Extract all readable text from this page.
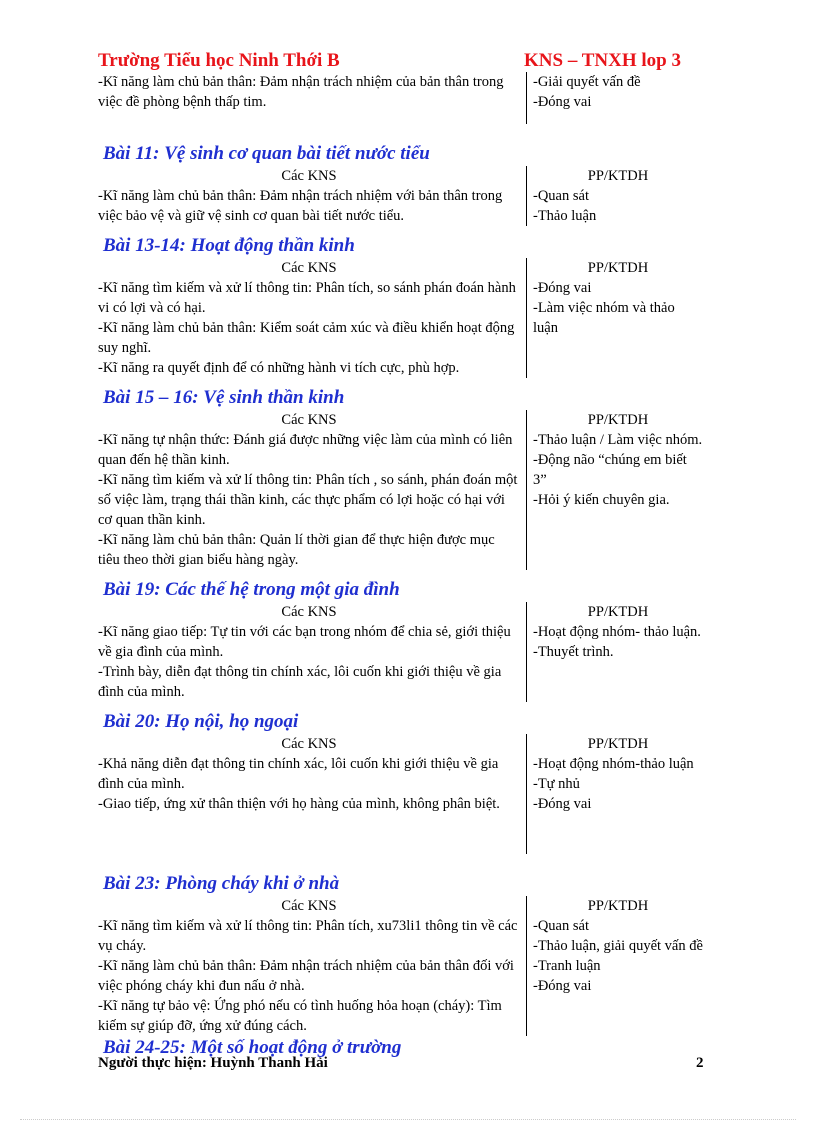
Trường Tiểu học Ninh Thới B	KNS – TNXH lop 3

-Kĩ năng làm chủ bản thân: Đảm nhận trách nhiệm của bản thân trong việc đề phòng bệnh thấp tim.

-Giải quyết vấn đề

-Đóng vai

Bài 11: Vệ sinh cơ quan bài tiết nước tiểu

Các KNS

-Kĩ năng làm chủ bản thân: Đảm nhận trách nhiệm với bản thân trong việc bảo vệ và giữ vệ sinh cơ quan bài tiết nước tiểu.

PP/KTDH

-Quan sát

-Thảo luận

Bài 13-14: Hoạt động thần kinh

Các KNS

-Kĩ năng tìm kiếm và xử lí thông tin: Phân tích, so sánh phán đoán hành vi có lợi và có hại.

-Kĩ năng làm chủ bản thân: Kiểm soát cảm xúc và điều khiển hoạt động suy nghĩ.

-Kĩ năng ra quyết định để có những hành vi tích cực, phù hợp.

PP/KTDH

-Đóng vai

-Làm việc nhóm và thảo luận

Bài 15 – 16: Vệ sinh thần kinh

Các KNS

-Kĩ năng tự nhận thức: Đánh giá được những việc làm của mình có liên quan đến hệ thần kinh.

-Kĩ năng tìm kiếm và xử lí thông tin: Phân tích , so sánh, phán đoán một số việc làm, trạng thái thần kinh, các thực phẩm có lợi hoặc có hại với cơ quan thần kinh.

-Kĩ năng làm chủ bản thân: Quản lí thời gian để thực hiện được mục tiêu theo thời gian biểu hàng ngày.

PP/KTDH

-Thảo luận / Làm việc nhóm.

-Động não “chúng em biết 3”

-Hỏi ý kiến chuyên gia.

Bài 19: Các thế hệ trong một gia đình

Các KNS

-Kĩ năng giao tiếp: Tự tin với các bạn trong nhóm để chia sẻ, giới thiệu về gia đình của mình.

-Trình bày, diễn đạt thông tin chính xác, lôi cuốn khi giới thiệu về gia đình của mình.

PP/KTDH

-Hoạt động nhóm- thảo luận.

-Thuyết trình.

Bài 20: Họ nội, họ ngoại

Các KNS

-Khả năng diễn đạt thông tin chính xác, lôi cuốn khi giới thiệu về gia đình của mình.

-Giao tiếp, ứng xử thân thiện với họ hàng của mình, không phân biệt.

PP/KTDH

-Hoạt động nhóm-thảo luận

-Tự nhủ

-Đóng vai

Bài 23: Phòng cháy khi ở nhà

Các KNS

-Kĩ năng tìm kiếm và xử lí thông tin: Phân tích, xu73li1 thông tin về các vụ cháy.

-Kĩ năng làm chủ bản thân: Đảm nhận trách nhiệm của bản thân đối với việc phóng cháy khi đun nấu ở nhà.

-Kĩ năng tự bảo vệ: Ứng phó nếu có tình huống hỏa hoạn (cháy): Tìm kiếm sự giúp đỡ, ứng xử đúng cách.

PP/KTDH

-Quan sát

-Thảo luận, giải quyết vấn đề

-Tranh luận

-Đóng vai

Bài 24-25: Một số hoạt động ở trường
Người thực hiện: Huỳnh Thanh Hải	2
